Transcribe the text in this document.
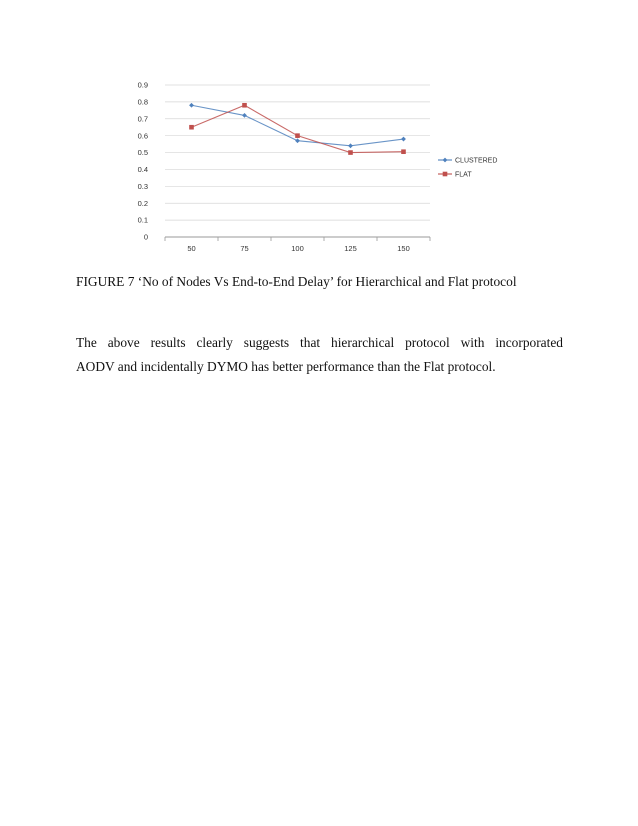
0
0.1
0.2
0.3
0.4
0.5
0.6
0.7
0.8
0.9
50	75	100	125	150
CLUSTERED
FLAT

FIGURE 7 ‘No of Nodes Vs End-to-End Delay’ for Hierarchical and Flat protocol

The above results clearly suggests that hierarchical protocol with incorporated
AODV and incidentally DYMO has better performance than the Flat protocol.
